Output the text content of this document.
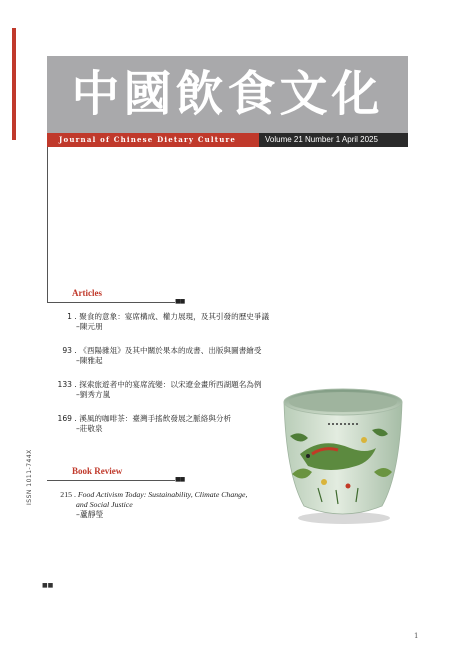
中國飲食文化
Journal of Chinese Dietary Culture	Volume 21 Number 1 April 2025
Articles
■■
1 . 聚食的意象：宴席構成、權力展現，及其引發的歷史爭議
–陳元朋
93 . 《酉陽雜俎》及其中關於果本的成書、出版與圖書繪受
–陳雅起
133 . 探索旅遊者中的宴席流變：以宋遼金畫所西湖題名為例
–劉秀方嵐
169 . 溪風的咖啡茶：臺灣手搖飲發展之脈絡與分析
–莊敬泉
Book Review
■■
215 . Food Activism Today: Sustainability, Climate Change,
and Social Justice
–蘆靜瑩
ISSN 1011-744X
■■
1
